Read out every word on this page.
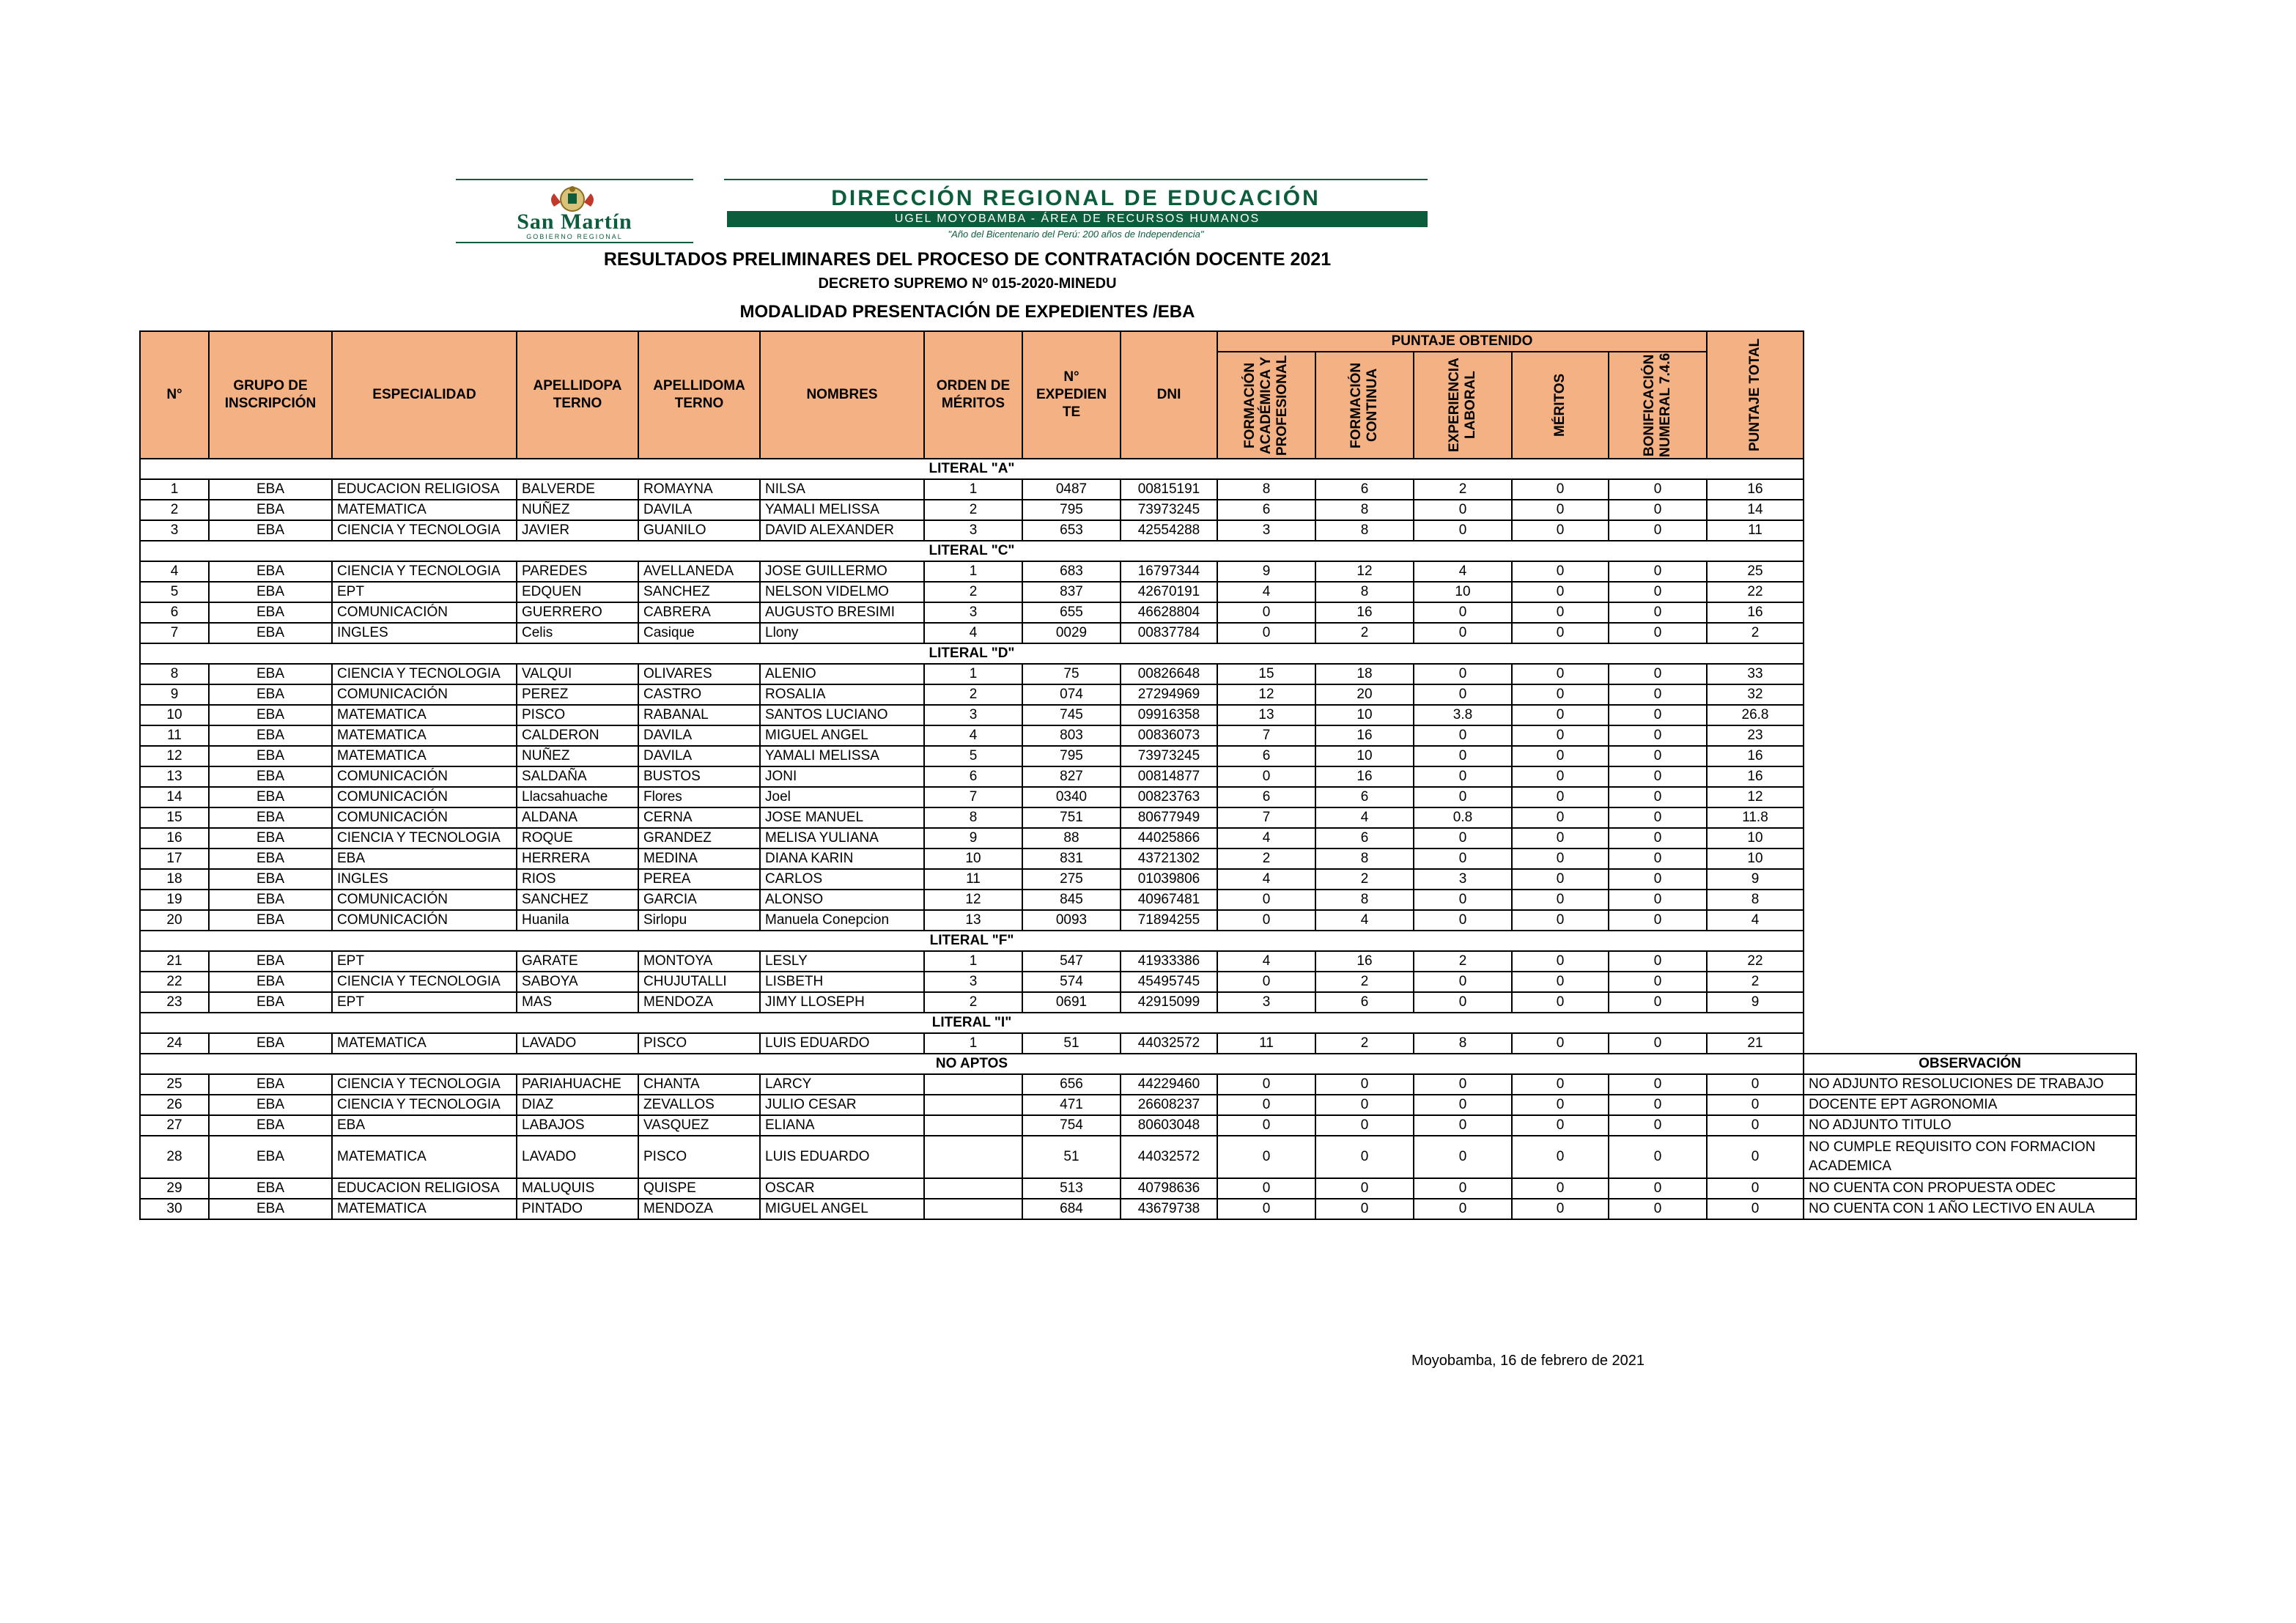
San Martín
GOBIERNO REGIONAL
DIRECCIÓN REGIONAL DE EDUCACIÓN
UGEL MOYOBAMBA - ÁREA DE RECURSOS HUMANOS
"Año del Bicentenario del Perú: 200 años de Independencia"
RESULTADOS PRELIMINARES DEL PROCESO DE CONTRATACIÓN DOCENTE 2021
DECRETO SUPREMO Nº 015-2020-MINEDU
MODALIDAD PRESENTACIÓN DE EXPEDIENTES /EBA
N°	GRUPO DE INSCRIPCIÓN	ESPECIALIDAD	APELLIDOPA TERNO	APELLIDOMA TERNO	NOMBRES	ORDEN DE MÉRITOS	N° EXPEDIEN TE	DNI	PUNTAJE OBTENIDO					PUNTAJE TOTAL	

									FORMACIÓN ACADÉMICA Y PROFESIONAL	FORMACIÓN CONTINUA	EXPERIENCIA LABORAL	MÉRITOS	BONIFICACIÓN NUMERAL 7.4.6		

LITERAL "A"															
1	EBA	EDUCACION RELIGIOSA	BALVERDE	ROMAYNA	NILSA	1	0487	00815191	8	6	2	0	0	16	
2	EBA	MATEMATICA	NUÑEZ	DAVILA	YAMALI MELISSA	2	795	73973245	6	8	0	0	0	14	
3	EBA	CIENCIA Y TECNOLOGIA	JAVIER	GUANILO	DAVID ALEXANDER	3	653	42554288	3	8	0	0	0	11	
LITERAL "C"															
4	EBA	CIENCIA Y TECNOLOGIA	PAREDES	AVELLANEDA	JOSE GUILLERMO	1	683	16797344	9	12	4	0	0	25	
5	EBA	EPT	EDQUEN	SANCHEZ	NELSON VIDELMO	2	837	42670191	4	8	10	0	0	22	
6	EBA	COMUNICACIÓN	GUERRERO	CABRERA	AUGUSTO BRESIMI	3	655	46628804	0	16	0	0	0	16	
7	EBA	INGLES	Celis	Casique	Llony	4	0029	00837784	0	2	0	0	0	2	
LITERAL "D"															
8	EBA	CIENCIA Y TECNOLOGIA	VALQUI	OLIVARES	ALENIO	1	75	00826648	15	18	0	0	0	33	
9	EBA	COMUNICACIÓN	PEREZ	CASTRO	ROSALIA	2	074	27294969	12	20	0	0	0	32	
10	EBA	MATEMATICA	PISCO	RABANAL	SANTOS LUCIANO	3	745	09916358	13	10	3.8	0	0	26.8	
11	EBA	MATEMATICA	CALDERON	DAVILA	MIGUEL ANGEL	4	803	00836073	7	16	0	0	0	23	
12	EBA	MATEMATICA	NUÑEZ	DAVILA	YAMALI MELISSA	5	795	73973245	6	10	0	0	0	16	
13	EBA	COMUNICACIÓN	SALDAÑA	BUSTOS	JONI	6	827	00814877	0	16	0	0	0	16	
14	EBA	COMUNICACIÓN	Llacsahuache	Flores	Joel	7	0340	00823763	6	6	0	0	0	12	
15	EBA	COMUNICACIÓN	ALDANA	CERNA	JOSE MANUEL	8	751	80677949	7	4	0.8	0	0	11.8	
16	EBA	CIENCIA Y TECNOLOGIA	ROQUE	GRANDEZ	MELISA YULIANA	9	88	44025866	4	6	0	0	0	10	
17	EBA	EBA	HERRERA	MEDINA	DIANA KARIN	10	831	43721302	2	8	0	0	0	10	
18	EBA	INGLES	RIOS	PEREA	CARLOS	11	275	01039806	4	2	3	0	0	9	
19	EBA	COMUNICACIÓN	SANCHEZ	GARCIA	ALONSO	12	845	40967481	0	8	0	0	0	8	
20	EBA	COMUNICACIÓN	Huanila	Sirlopu	Manuela Conepcion	13	0093	71894255	0	4	0	0	0	4	
LITERAL "F"															
21	EBA	EPT	GARATE	MONTOYA	LESLY	1	547	41933386	4	16	2	0	0	22	
22	EBA	CIENCIA Y TECNOLOGIA	SABOYA	CHUJUTALLI	LISBETH	3	574	45495745	0	2	0	0	0	2	
23	EBA	EPT	MAS	MENDOZA	JIMY LLOSEPH	2	0691	42915099	3	6	0	0	0	9	
LITERAL "I"															
24	EBA	MATEMATICA	LAVADO	PISCO	LUIS EDUARDO	1	51	44032572	11	2	8	0	0	21	
NO APTOS															OBSERVACIÓN
25	EBA	CIENCIA Y TECNOLOGIA	PARIAHUACHE	CHANTA	LARCY		656	44229460	0	0	0	0	0	0	NO ADJUNTO RESOLUCIONES DE TRABAJO
26	EBA	CIENCIA Y TECNOLOGIA	DIAZ	ZEVALLOS	JULIO CESAR		471	26608237	0	0	0	0	0	0	DOCENTE EPT AGRONOMIA
27	EBA	EBA	LABAJOS	VASQUEZ	ELIANA		754	80603048	0	0	0	0	0	0	NO ADJUNTO TITULO
28	EBA	MATEMATICA	LAVADO	PISCO	LUIS EDUARDO		51	44032572	0	0	0	0	0	0	NO CUMPLE REQUISITO CON FORMACION ACADEMICA
29	EBA	EDUCACION RELIGIOSA	MALUQUIS	QUISPE	OSCAR		513	40798636	0	0	0	0	0	0	NO CUENTA CON PROPUESTA ODEC
30	EBA	MATEMATICA	PINTADO	MENDOZA	MIGUEL ANGEL		684	43679738	0	0	0	0	0	0	NO CUENTA CON 1 AÑO LECTIVO EN AULA
Moyobamba, 16 de febrero de 2021
